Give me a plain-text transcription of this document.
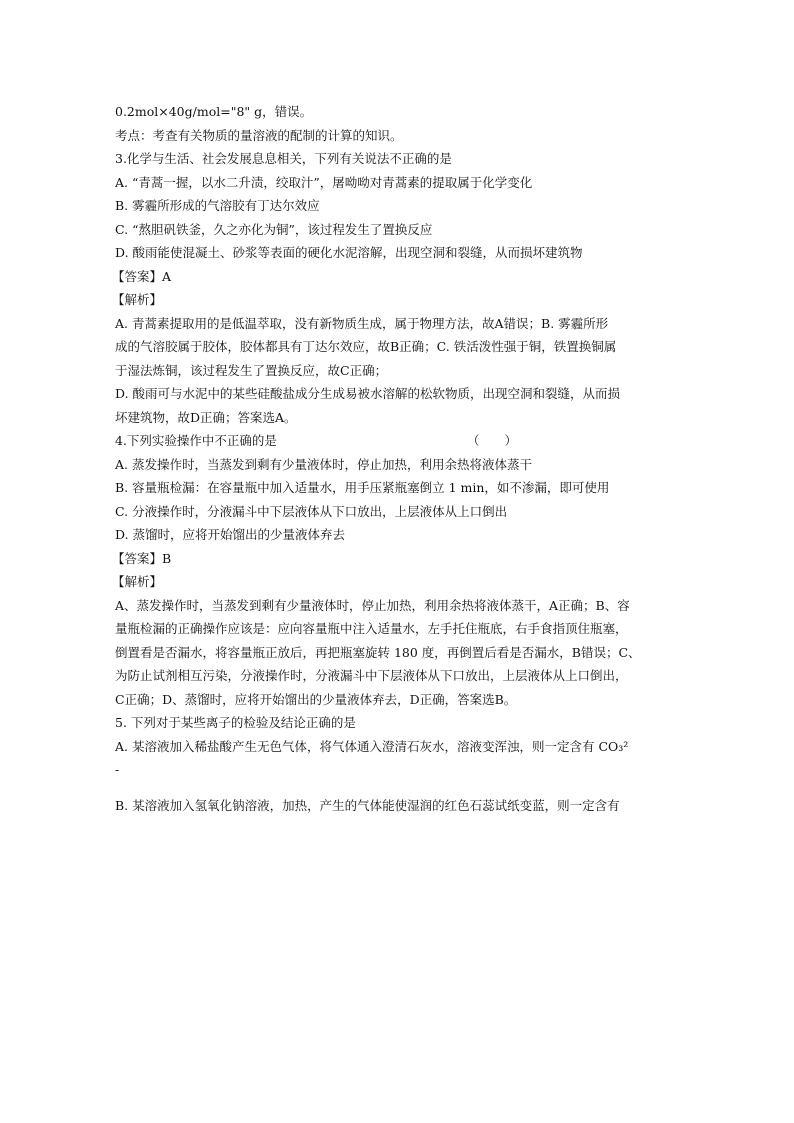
0.2mol×40g/mol="8" g，错误。
考点：考查有关物质的量溶液的配制的计算的知识。
3.化学与生活、社会发展息息相关，下列有关说法不正确的是
A. “青蒿一握，以水二升渍，绞取汁”，屠呦呦对青蒿素的提取属于化学变化
B. 雾霾所形成的气溶胶有丁达尔效应
C. “熬胆矾铁釜，久之亦化为铜”，该过程发生了置换反应
D. 酸雨能使混凝土、砂浆等表面的硬化水泥溶解，出现空洞和裂缝，从而损坏建筑物
【答案】A
【解析】
A. 青蒿素提取用的是低温萃取，没有新物质生成，属于物理方法，故A错误；B. 雾霾所形
成的气溶胶属于胶体，胶体都具有丁达尔效应，故B正确；C. 铁活泼性强于铜，铁置换铜属
于湿法炼铜，该过程发生了置换反应，故C正确；
D. 酸雨可与水泥中的某些硅酸盐成分生成易被水溶解的松软物质，出现空洞和裂缝，从而损
坏建筑物，故D正确；答案选A。
4.下列实验操作中不正确的是	（　　）
A. 蒸发操作时，当蒸发到剩有少量液体时，停止加热，利用余热将液体蒸干
B. 容量瓶检漏：在容量瓶中加入适量水，用手压紧瓶塞倒立 1 min，如不渗漏，即可使用
C. 分液操作时，分液漏斗中下层液体从下口放出，上层液体从上口倒出
D. 蒸馏时，应将开始馏出的少量液体弃去
【答案】B
【解析】
A、蒸发操作时，当蒸发到剩有少量液体时，停止加热，利用余热将液体蒸干，A正确；B、容
量瓶检漏的正确操作应该是：应向容量瓶中注入适量水，左手托住瓶底，右手食指顶住瓶塞，
倒置看是否漏水，将容量瓶正放后，再把瓶塞旋转 180 度，再倒置后看是否漏水，B错误；C、
为防止试剂相互污染，分液操作时，分液漏斗中下层液体从下口放出，上层液体从上口倒出，
C正确；D、蒸馏时，应将开始馏出的少量液体弃去，D正确，答案选B。
5. 下列对于某些离子的检验及结论正确的是
A. 某溶液加入稀盐酸产生无色气体，将气体通入澄清石灰水，溶液变浑浊，则一定含有 CO₃²
-
B. 某溶液加入氢氧化钠溶液，加热，产生的气体能使湿润的红色石蕊试纸变蓝，则一定含有
